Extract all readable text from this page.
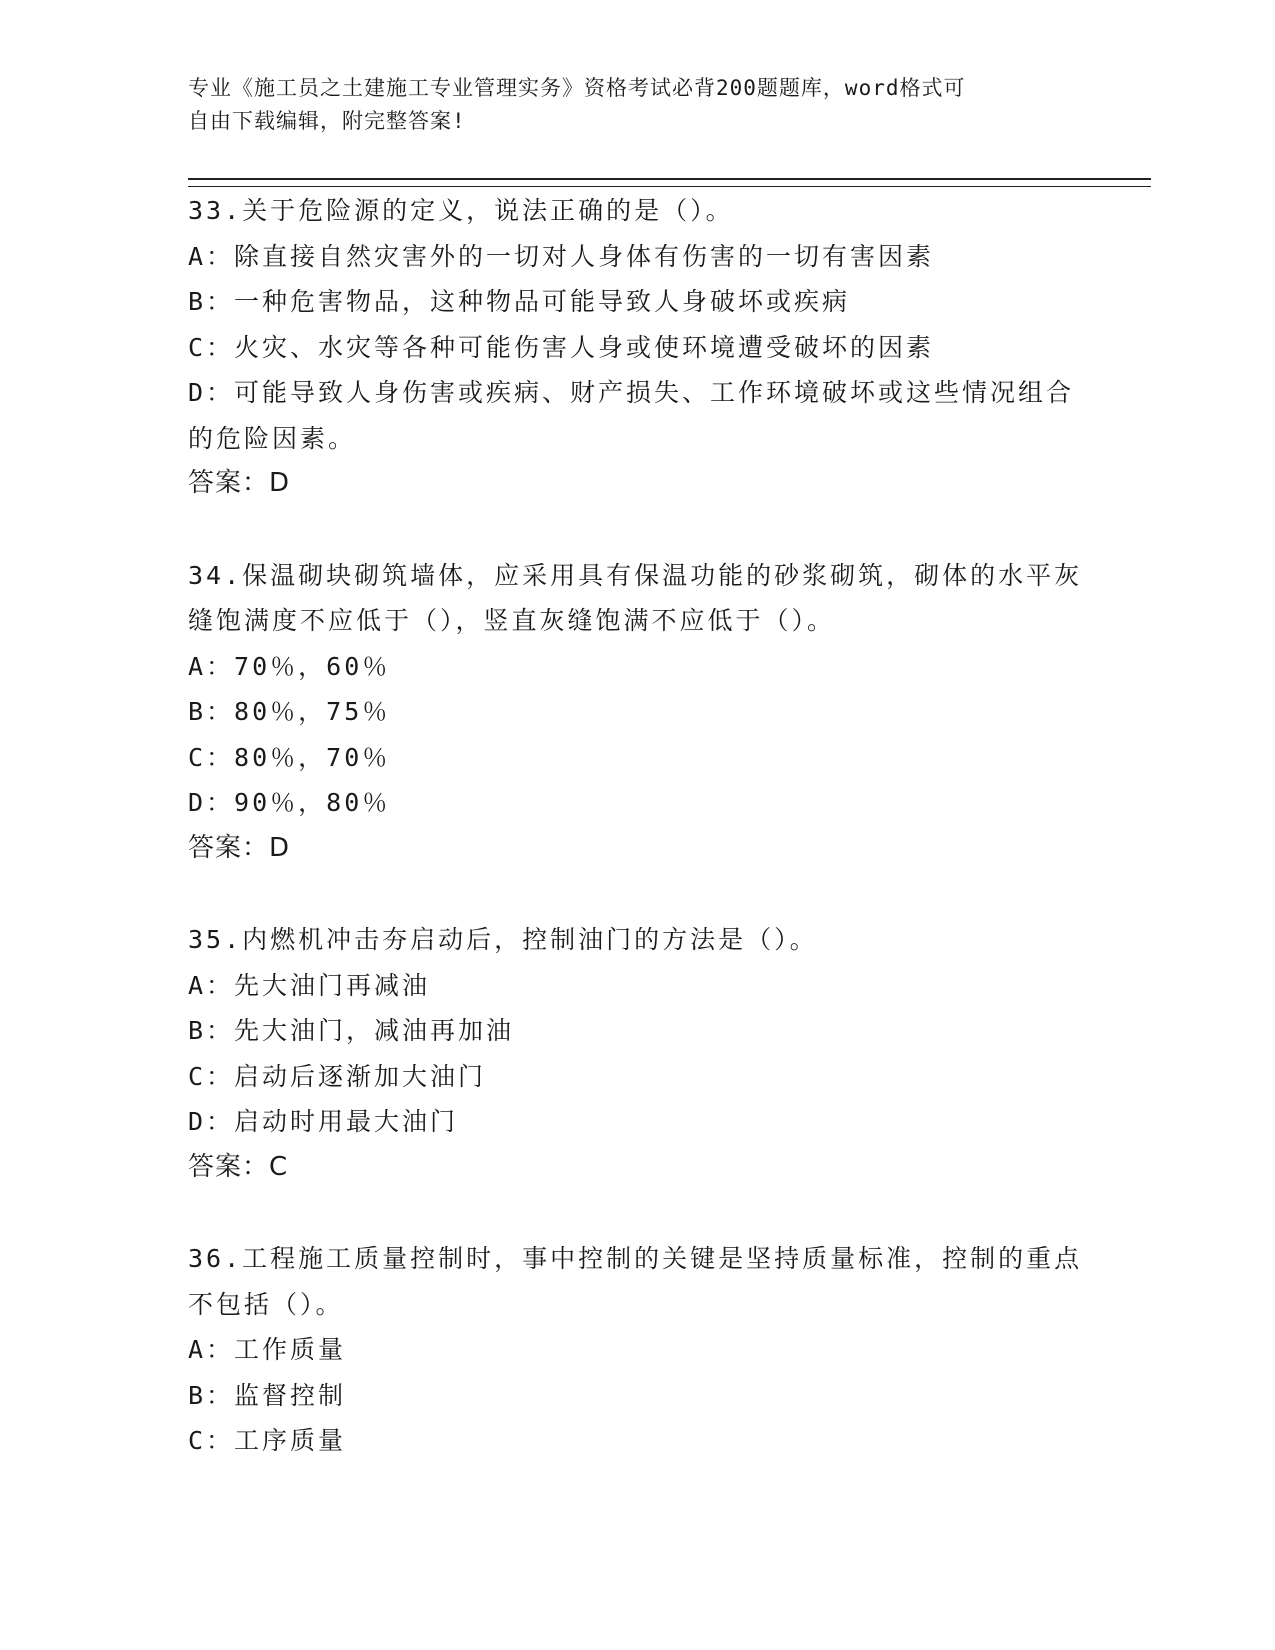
专业《施工员之土建施工专业管理实务》资格考试必背200题题库，word格式可
自由下载编辑，附完整答案!

33.关于危险源的定义，说法正确的是（）。

A：除直接自然灾害外的一切对人身体有伤害的一切有害因素

B：一种危害物品，这种物品可能导致人身破坏或疾病

C：火灾、水灾等各种可能伤害人身或使环境遭受破坏的因素

D：可能导致人身伤害或疾病、财产损失、工作环境破坏或这些情况组合的危险因素。

答案：D

34.保温砌块砌筑墙体，应采用具有保温功能的砂浆砌筑，砌体的水平灰缝饱满度不应低于（），竖直灰缝饱满不应低于（）。

A：70％，60％

B：80％，75％

C：80％，70％

D：90％，80％

答案：D

35.内燃机冲击夯启动后，控制油门的方法是（）。

A：先大油门再减油

B：先大油门，减油再加油

C：启动后逐渐加大油门

D：启动时用最大油门

答案：C

36.工程施工质量控制时，事中控制的关键是坚持质量标准，控制的重点不包括（）。

A：工作质量

B：监督控制

C：工序质量
